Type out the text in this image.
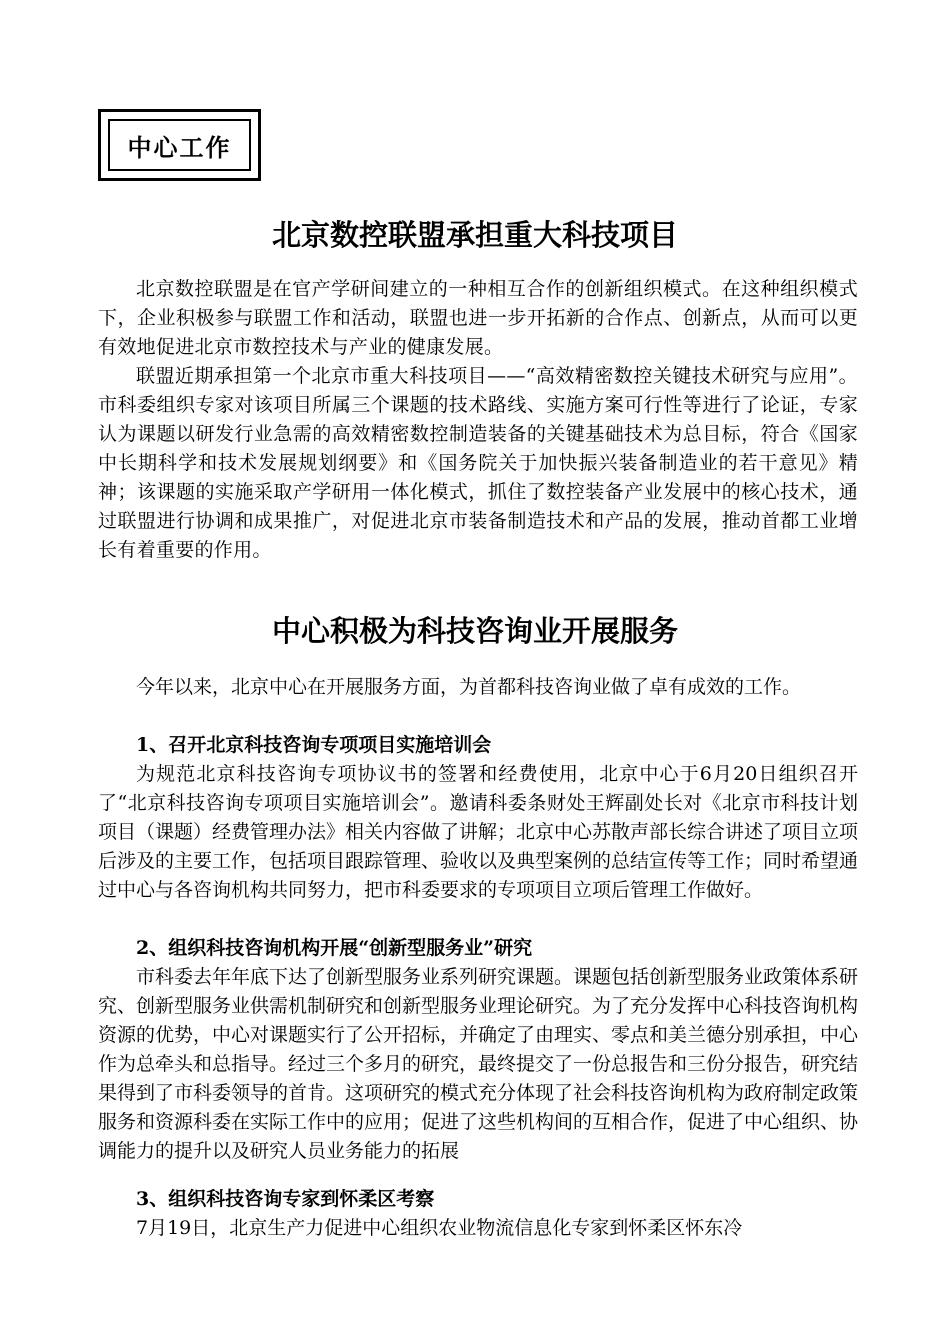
中心工作
北京数控联盟承担重大科技项目
北京数控联盟是在官产学研间建立的一种相互合作的创新组织模式。在这种组织模式下，企业积极参与联盟工作和活动，联盟也进一步开拓新的合作点、创新点，从而可以更有效地促进北京市数控技术与产业的健康发展。
联盟近期承担第一个北京市重大科技项目——“高效精密数控关键技术研究与应用”。市科委组织专家对该项目所属三个课题的技术路线、实施方案可行性等进行了论证，专家认为课题以研发行业急需的高效精密数控制造装备的关键基础技术为总目标，符合《国家中长期科学和技术发展规划纲要》和《国务院关于加快振兴装备制造业的若干意见》精神；该课题的实施采取产学研用一体化模式，抓住了数控装备产业发展中的核心技术，通过联盟进行协调和成果推广，对促进北京市装备制造技术和产品的发展，推动首都工业增长有着重要的作用。
中心积极为科技咨询业开展服务
今年以来，北京中心在开展服务方面，为首都科技咨询业做了卓有成效的工作。
1、召开北京科技咨询专项项目实施培训会
为规范北京科技咨询专项协议书的签署和经费使用，北京中心于6月20日组织召开了“北京科技咨询专项项目实施培训会”。邀请科委条财处王辉副处长对《北京市科技计划项目（课题）经费管理办法》相关内容做了讲解；北京中心苏散声部长综合讲述了项目立项后涉及的主要工作，包括项目跟踪管理、验收以及典型案例的总结宣传等工作；同时希望通过中心与各咨询机构共同努力，把市科委要求的专项项目立项后管理工作做好。
2、组织科技咨询机构开展“创新型服务业”研究
市科委去年年底下达了创新型服务业系列研究课题。课题包括创新型服务业政策体系研究、创新型服务业供需机制研究和创新型服务业理论研究。为了充分发挥中心科技咨询机构资源的优势，中心对课题实行了公开招标，并确定了由理实、零点和美兰德分别承担，中心作为总牵头和总指导。经过三个多月的研究，最终提交了一份总报告和三份分报告，研究结果得到了市科委领导的首肯。这项研究的模式充分体现了社会科技咨询机构为政府制定政策服务和资源科委在实际工作中的应用；促进了这些机构间的互相合作，促进了中心组织、协调能力的提升以及研究人员业务能力的拓展
3、组织科技咨询专家到怀柔区考察
7月19日，北京生产力促进中心组织农业物流信息化专家到怀柔区怀东冷
